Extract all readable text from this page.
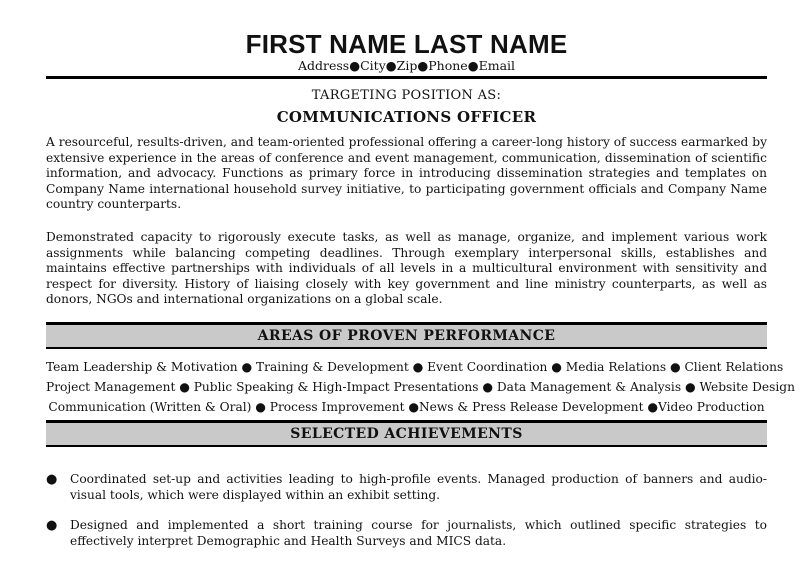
FIRST NAME LAST NAME
Address●City●Zip●Phone●Email
TARGETING POSITION AS:
COMMUNICATIONS OFFICER

A resourceful, results-driven, and team-oriented professional offering a career-long history of success earmarked by extensive experience in the areas of conference and event management, communication, dissemination of scientific information, and advocacy. Functions as primary force in introducing dissemination strategies and templates on Company Name international household survey initiative, to participating government officials and Company Name country counterparts.

Demonstrated capacity to rigorously execute tasks, as well as manage, organize, and implement various work assignments while balancing competing deadlines. Through exemplary interpersonal skills, establishes and maintains effective partnerships with individuals of all levels in a multicultural environment with sensitivity and respect for diversity. History of liaising closely with key government and line ministry counterparts, as well as donors, NGOs and international organizations on a global scale.

AREAS OF PROVEN PERFORMANCE
Team Leadership & Motivation ● Training & Development ● Event Coordination ● Media Relations ● Client Relations
Project Management ● Public Speaking & High-Impact Presentations ● Data Management & Analysis ● Website Design
Communication (Written & Oral) ● Process Improvement ●News & Press Release Development ●Video Production
SELECTED ACHIEVEMENTS
● Coordinated set-up and activities leading to high-profile events. Managed production of banners and audio-visual tools, which were displayed within an exhibit setting.
● Designed and implemented a short training course for journalists, which outlined specific strategies to effectively interpret Demographic and Health Surveys and MICS data.
